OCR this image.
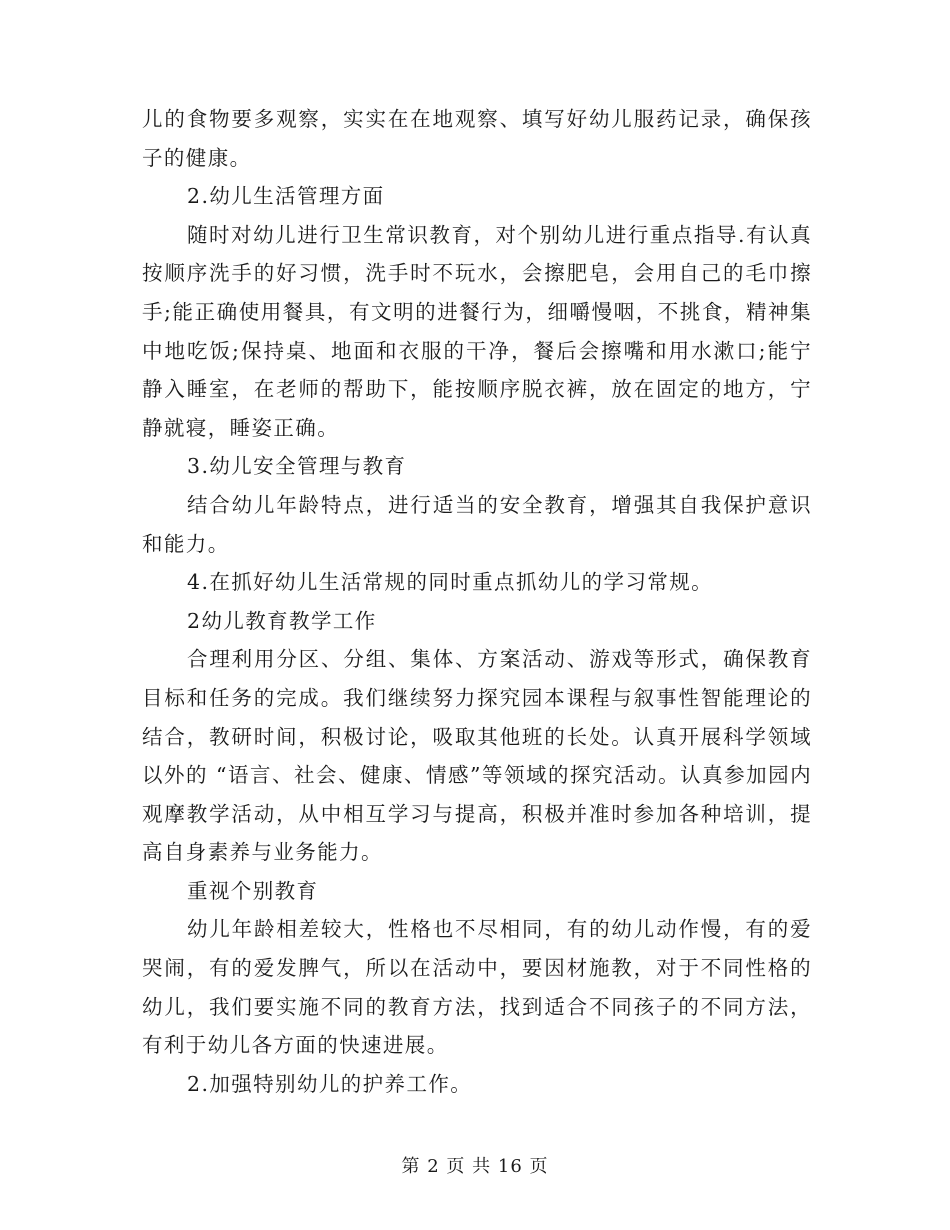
儿的食物要多观察，实实在在地观察、填写好幼儿服药记录，确保孩子的健康。

2.幼儿生活管理方面

随时对幼儿进行卫生常识教育，对个别幼儿进行重点指导.有认真按顺序洗手的好习惯，洗手时不玩水，会擦肥皂，会用自己的毛巾擦手;能正确使用餐具，有文明的进餐行为，细嚼慢咽，不挑食，精神集中地吃饭;保持桌、地面和衣服的干净，餐后会擦嘴和用水漱口;能宁静入睡室，在老师的帮助下，能按顺序脱衣裤，放在固定的地方，宁静就寝，睡姿正确。

3.幼儿安全管理与教育

结合幼儿年龄特点，进行适当的安全教育，增强其自我保护意识和能力。

4.在抓好幼儿生活常规的同时重点抓幼儿的学习常规。

2幼儿教育教学工作

合理利用分区、分组、集体、方案活动、游戏等形式，确保教育目标和任务的完成。我们继续努力探究园本课程与叙事性智能理论的结合，教研时间，积极讨论，吸取其他班的长处。认真开展科学领域以外的 “语言、社会、健康、情感”等领域的探究活动。认真参加园内观摩教学活动，从中相互学习与提高，积极并准时参加各种培训，提高自身素养与业务能力。

重视个别教育

幼儿年龄相差较大，性格也不尽相同，有的幼儿动作慢，有的爱哭闹，有的爱发脾气，所以在活动中，要因材施教，对于不同性格的幼儿，我们要实施不同的教育方法，找到适合不同孩子的不同方法，有利于幼儿各方面的快速进展。

2.加强特别幼儿的护养工作。

第 2 页 共 16 页
